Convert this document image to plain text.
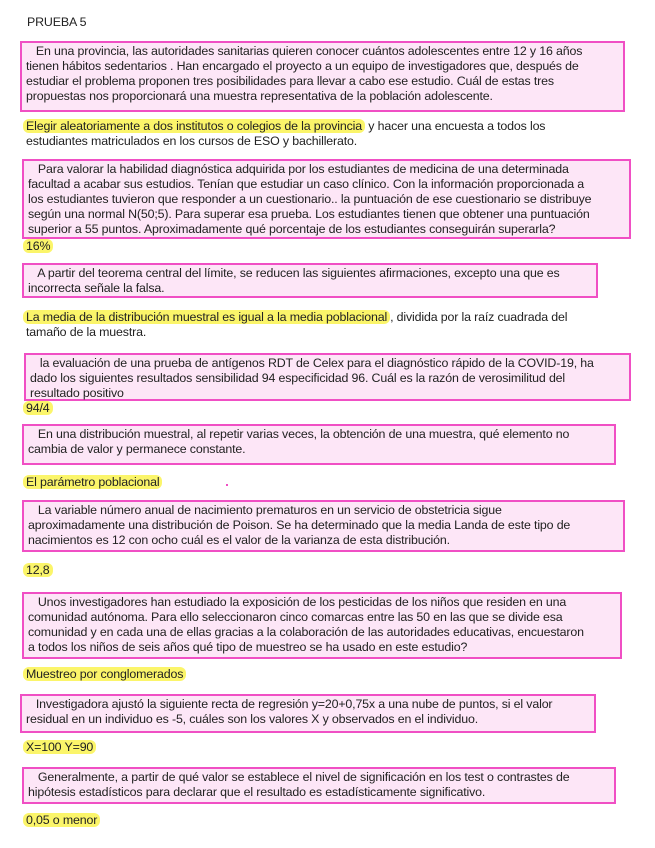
PRUEBA 5
En una provincia, las autoridades sanitarias quieren conocer cuántos adolescentes entre 12 y 16 años
tienen hábitos sedentarios . Han encargado el proyecto a un equipo de investigadores que, después de
estudiar el problema proponen tres posibilidades para llevar a cabo ese estudio. Cuál de estas tres
propuestas nos proporcionará una muestra representativa de la población adolescente.
Elegir aleatoriamente a dos institutos o colegios de la provincia y hacer una encuesta a todos los
estudiantes matriculados en los cursos de ESO y bachillerato.
Para valorar la habilidad diagnóstica adquirida por los estudiantes de medicina de una determinada
facultad a acabar sus estudios. Tenían que estudiar un caso clínico. Con la información proporcionada a
los estudiantes tuvieron que responder a un cuestionario.. la puntuación de ese cuestionario se distribuye
según una normal N(50;5). Para superar esa prueba. Los estudiantes tienen que obtener una puntuación
superior a 55 puntos. Aproximadamente qué porcentaje de los estudiantes conseguirán superarla?
16%
A partir del teorema central del límite, se reducen las siguientes afirmaciones, excepto una que es
incorrecta señale la falsa.
La media de la distribución muestral es igual a la media poblacional , dividida por la raíz cuadrada del
tamaño de la muestra.
la evaluación de una prueba de antígenos RDT de Celex para el diagnóstico rápido de la COVID-19, ha
dado los siguientes resultados sensibilidad 94 especificidad 96. Cuál es la razón de verosimilitud del
resultado positivo
94/4
En una distribución muestral, al repetir varias veces, la obtención de una muestra, qué elemento no
cambia de valor y permanece constante.
El parámetro poblacional
La variable número anual de nacimiento prematuros en un servicio de obstetricia sigue
aproximadamente una distribución de Poison. Se ha determinado que la media Landa de este tipo de
nacimientos es 12 con ocho cuál es el valor de la varianza de esta distribución.
12,8
Unos investigadores han estudiado la exposición de los pesticidas de los niños que residen en una
comunidad autónoma. Para ello seleccionaron cinco comarcas entre las 50 en las que se divide esa
comunidad y en cada una de ellas gracias a la colaboración de las autoridades educativas, encuestaron
a todos los niños de seis años qué tipo de muestreo se ha usado en este estudio?
Muestreo por conglomerados
Investigadora ajustó la siguiente recta de regresión y=20+0,75x a una nube de puntos, si el valor
residual en un individuo es -5, cuáles son los valores X y observados en el individuo.
X=100 Y=90
Generalmente, a partir de qué valor se establece el nivel de significación en los test o contrastes de
hipótesis estadísticos para declarar que el resultado es estadísticamente significativo.
0,05 o menor
